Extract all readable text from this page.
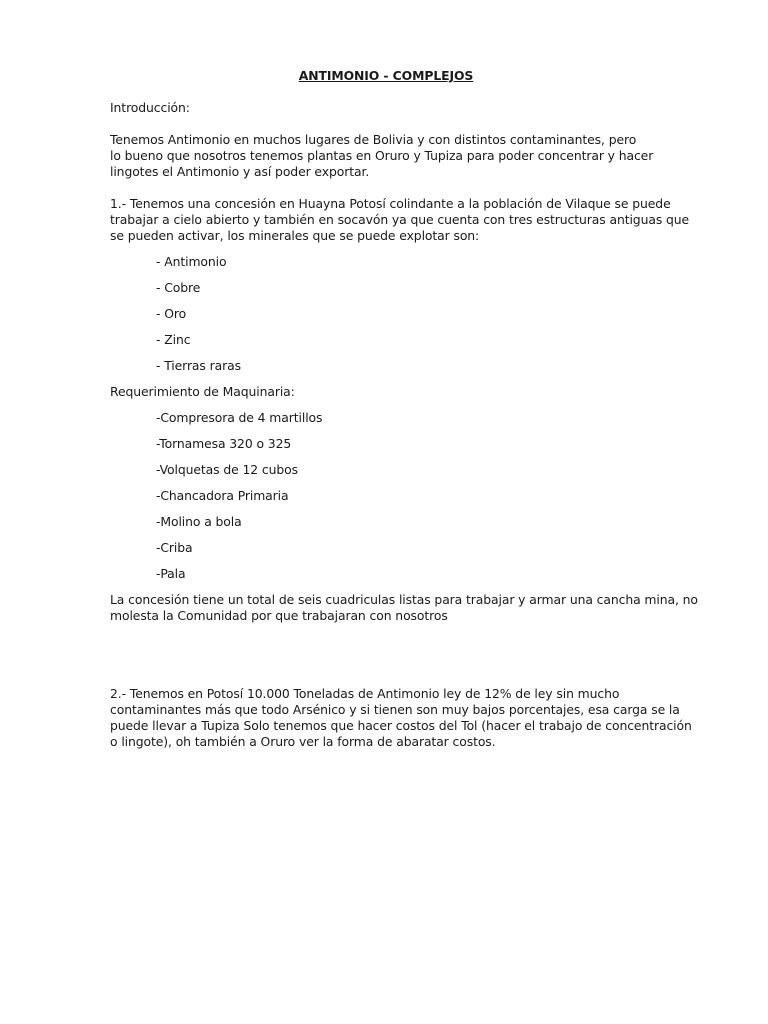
ANTIMONIO - COMPLEJOS

Introducción:

Tenemos Antimonio en muchos lugares de Bolivia y con distintos contaminantes, pero
lo bueno que nosotros tenemos plantas en Oruro y Tupiza para poder concentrar y hacer
lingotes el Antimonio y así poder exportar.

1.- Tenemos una concesión en Huayna Potosí colindante a la población de Vilaque se puede
trabajar a cielo abierto y también en socavón ya que cuenta con tres estructuras antiguas que
se pueden activar, los minerales que se puede explotar son:

- Antimonio
- Cobre
- Oro
- Zinc
- Tierras raras

Requerimiento de Maquinaria:

-Compresora de 4 martillos
-Tornamesa 320 o 325
-Volquetas de 12 cubos
-Chancadora Primaria
-Molino a bola
-Criba
-Pala

La concesión tiene un total de seis cuadriculas listas para trabajar y armar una cancha mina, no
molesta la Comunidad por que trabajaran con nosotros

2.- Tenemos en Potosí 10.000 Toneladas de Antimonio ley de 12% de ley sin mucho
contaminantes más que todo Arsénico y si tienen son muy bajos porcentajes, esa carga se la
puede llevar a Tupiza Solo tenemos que hacer costos del Tol (hacer el trabajo de concentración
o lingote), oh también a Oruro ver la forma de abaratar costos.
